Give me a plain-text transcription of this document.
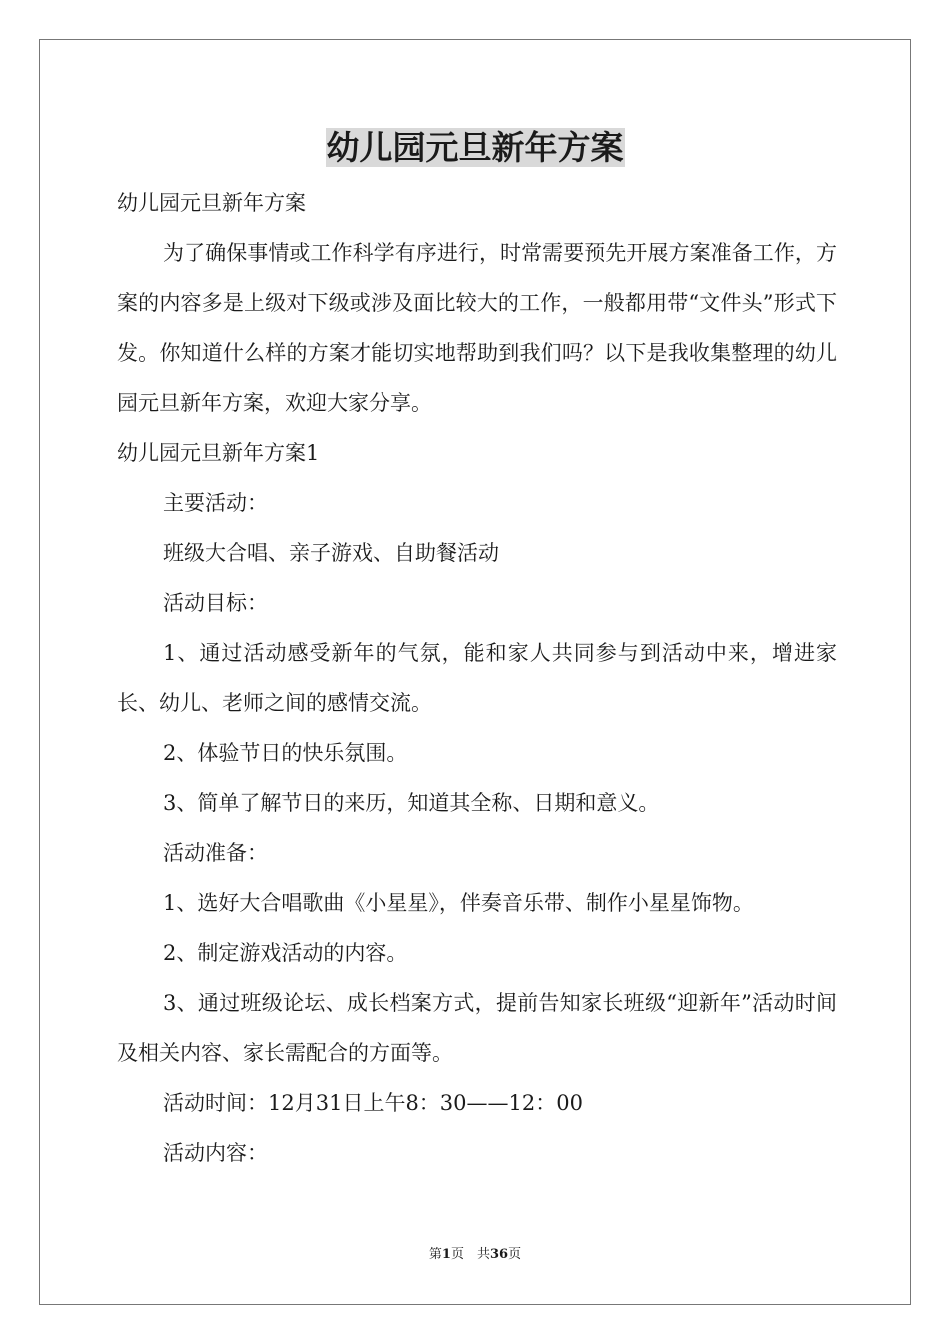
幼儿园元旦新年方案

幼儿园元旦新年方案

为了确保事情或工作科学有序进行，时常需要预先开展方案准备工作，方案的内容多是上级对下级或涉及面比较大的工作，一般都用带“文件头”形式下发。你知道什么样的方案才能切实地帮助到我们吗？以下是我收集整理的幼儿园元旦新年方案，欢迎大家分享。

幼儿园元旦新年方案1

主要活动：

班级大合唱、亲子游戏、自助餐活动

活动目标：

1、通过活动感受新年的气氛，能和家人共同参与到活动中来，增进家长、幼儿、老师之间的感情交流。

2、体验节日的快乐氛围。

3、简单了解节日的来历，知道其全称、日期和意义。

活动准备：

1、选好大合唱歌曲《小星星》，伴奏音乐带、制作小星星饰物。

2、制定游戏活动的内容。

3、通过班级论坛、成长档案方式，提前告知家长班级“迎新年”活动时间及相关内容、家长需配合的方面等。

活动时间：12月31日上午8：30——12：00

活动内容：

第1页　共36页
